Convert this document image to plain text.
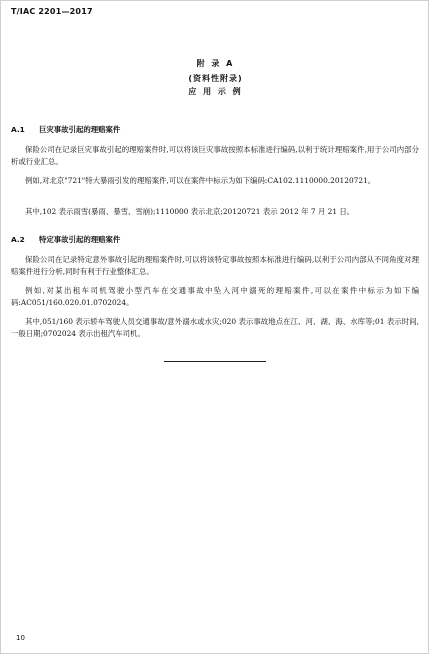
T/IAC 2201—2017
附 录 A
(资料性附录)
应 用 示 例
A.1 巨灾事故引起的理赔案件

保险公司在记录巨灾事故引起的理赔案件时,可以将该巨灾事故按照本标准进行编码,以利于统计理赔案件,用于公司内部分析或行业汇总。

例如,对北京"721"特大暴雨引发的理赔案件,可以在案件中标示为如下编码:CA102.1110000.20120721。

其中,102 表示雨雪(暴雨、暴雪、雪崩);1110000 表示北京;20120721 表示 2012 年 7 月 21 日。

A.2 特定事故引起的理赔案件

保险公司在记录特定意外事故引起的理赔案件时,可以将该特定事故按照本标准进行编码,以利于公司内部从不同角度对理赔案件进行分析,同时有利于行业整体汇总。

例如,对某出租车司机驾驶小型汽车在交通事故中坠入河中溺死的理赔案件,可以在案件中标示为如下编码:AC051/160.020.01.0702024。

其中,051/160 表示轿车驾驶人员交通事故/意外溺水或水灾;020 表示事故地点在江、河、湖、海、水库等;01 表示时间,一般日期;0702024 表示出租汽车司机。

10
